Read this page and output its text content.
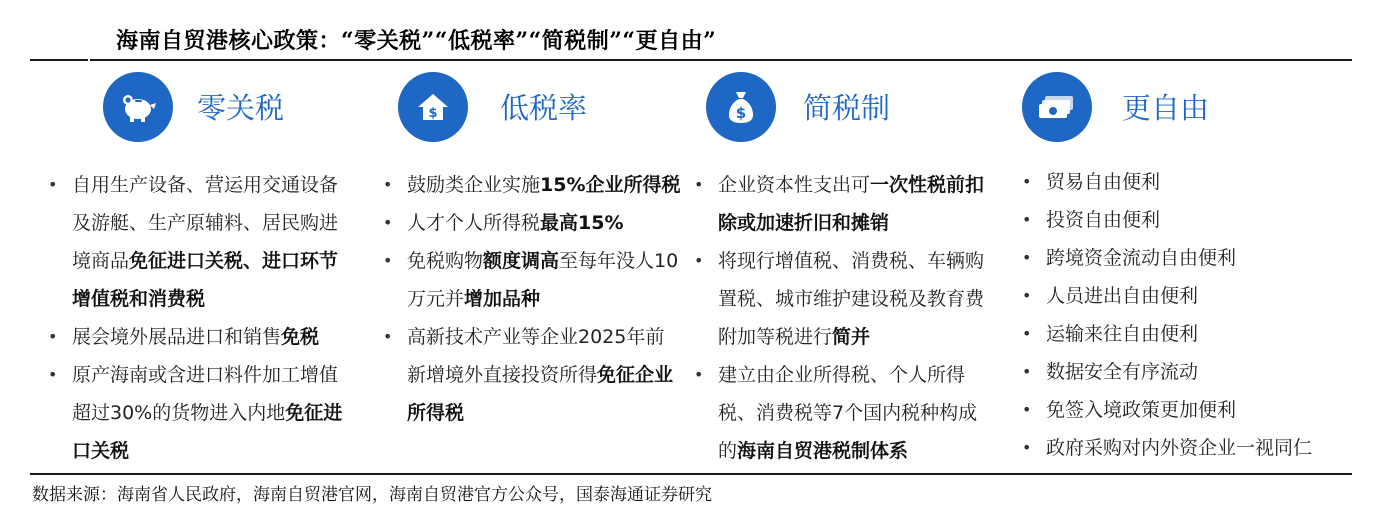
海南自贸港核心政策：“零关税”“低税率”“简税制”“更自由”
零关税
• 自用生产设备、营运用交通设备及游艇、生产原辅料、居民购进境商品免征进口关税、进口环节增值税和消费税
• 展会境外展品进口和销售免税
• 原产海南或含进口料件加工增值超过30%的货物进入内地免征进口关税
$ 低税率
• 鼓励类企业实施15%企业所得税
• 人才个人所得税最高15%
• 免税购物额度调高至每年没人10万元并增加品种
• 高新技术产业等企业2025年前新增境外直接投资所得免征企业所得税
$ 简税制
• 企业资本性支出可一次性税前扣除或加速折旧和摊销
• 将现行增值税、消费税、车辆购置税、城市维护建设税及教育费附加等税进行简并
• 建立由企业所得税、个人所得税、消费税等7个国内税种构成的海南自贸港税制体系
更自由
• 贸易自由便利
• 投资自由便利
• 跨境资金流动自由便利
• 人员进出自由便利
• 运输来往自由便利
• 数据安全有序流动
• 免签入境政策更加便利
• 政府采购对内外资企业一视同仁
数据来源：海南省人民政府，海南自贸港官网，海南自贸港官方公众号，国泰海通证券研究
